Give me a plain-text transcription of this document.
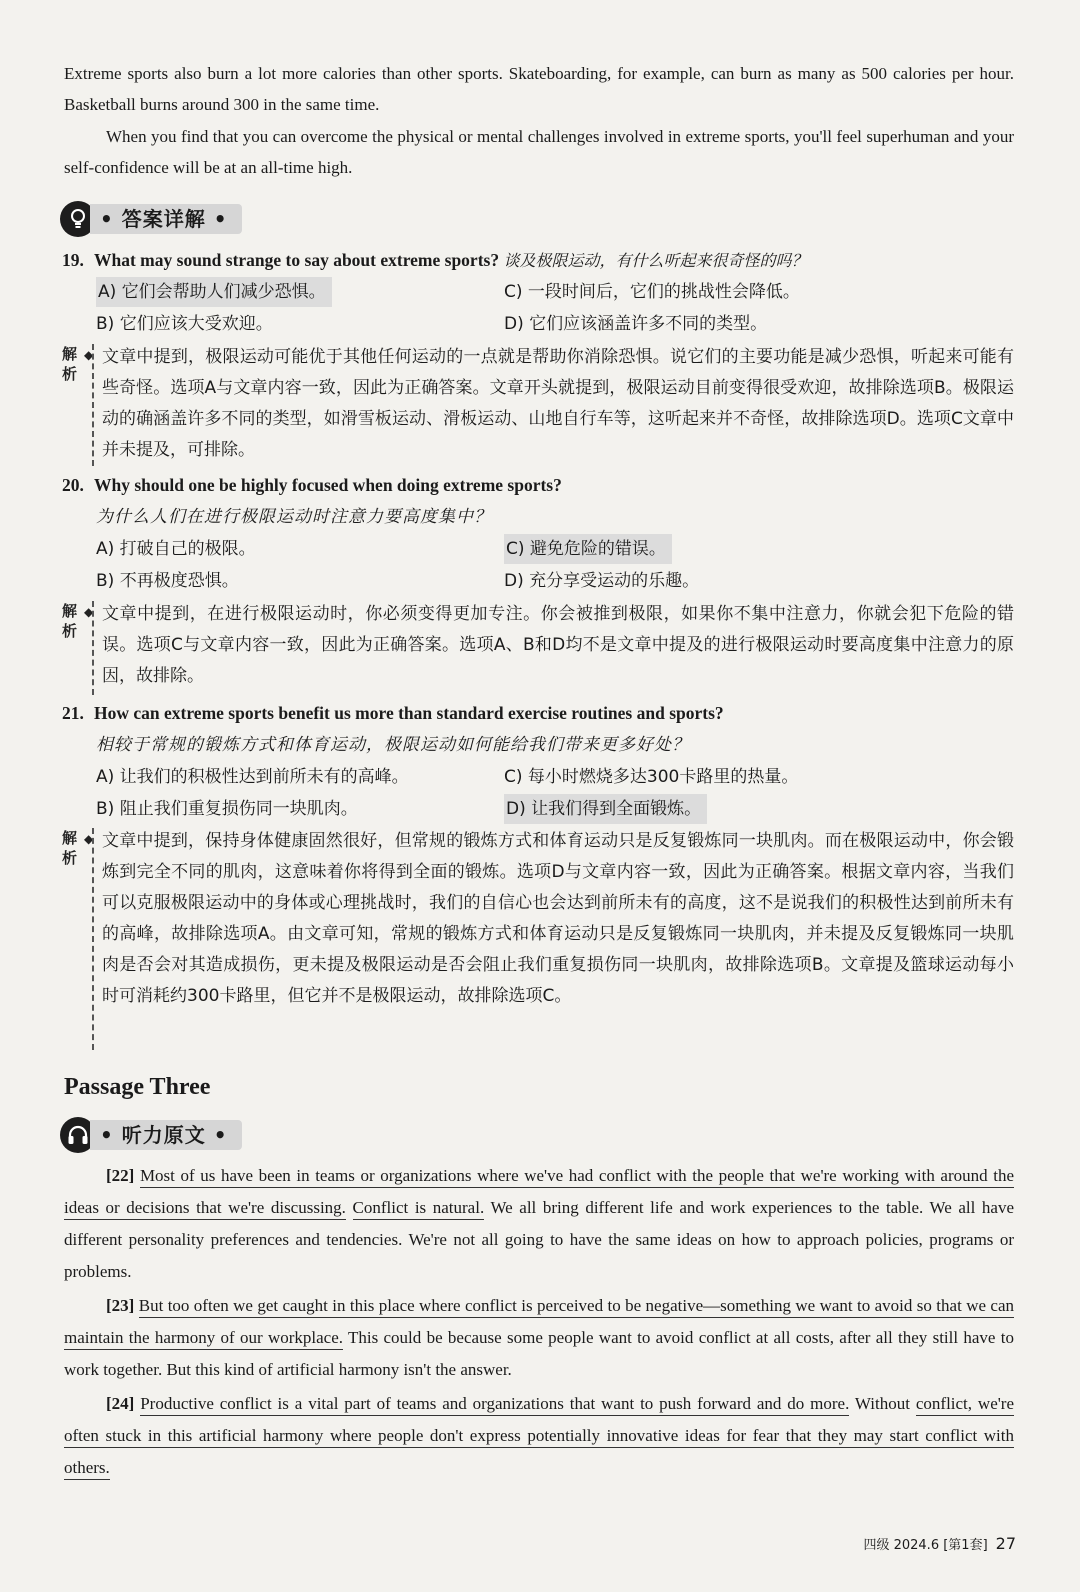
Extreme sports also burn a lot more calories than other sports. Skateboarding, for example, can burn as many as 500 calories per hour. Basketball burns around 300 in the same time.
When you find that you can overcome the physical or mental challenges involved in extreme sports, you'll feel superhuman and your self-confidence will be at an all-time high.
• 答案详解 •
19. What may sound strange to say about extreme sports? 谈及极限运动，有什么听起来很奇怪的吗？
A) 它们会帮助人们减少恐惧。	C) 一段时间后，它们的挑战性会降低。
B) 它们应该大受欢迎。	D) 它们应该涵盖许多不同的类型。
解
析
◆ 文章中提到，极限运动可能优于其他任何运动的一点就是帮助你消除恐惧。说它们的主要功能是减少恐惧，听起来可能有些奇怪。选项A与文章内容一致，因此为正确答案。文章开头就提到，极限运动目前变得很受欢迎，故排除选项B。极限运动的确涵盖许多不同的类型，如滑雪板运动、滑板运动、山地自行车等，这听起来并不奇怪，故排除选项D。选项C文章中并未提及，可排除。
20. Why should one be highly focused when doing extreme sports?
为什么人们在进行极限运动时注意力要高度集中？
A) 打破自己的极限。	C) 避免危险的错误。
B) 不再极度恐惧。	D) 充分享受运动的乐趣。
解
析
◆ 文章中提到，在进行极限运动时，你必须变得更加专注。你会被推到极限，如果你不集中注意力，你就会犯下危险的错误。选项C与文章内容一致，因此为正确答案。选项A、B和D均不是文章中提及的进行极限运动时要高度集中注意力的原因，故排除。
21. How can extreme sports benefit us more than standard exercise routines and sports?
相较于常规的锻炼方式和体育运动，极限运动如何能给我们带来更多好处？
A) 让我们的积极性达到前所未有的高峰。	C) 每小时燃烧多达300卡路里的热量。
B) 阻止我们重复损伤同一块肌肉。	D) 让我们得到全面锻炼。
解
析
◆ 文章中提到，保持身体健康固然很好，但常规的锻炼方式和体育运动只是反复锻炼同一块肌肉。而在极限运动中，你会锻炼到完全不同的肌肉，这意味着你将得到全面的锻炼。选项D与文章内容一致，因此为正确答案。根据文章内容，当我们可以克服极限运动中的身体或心理挑战时，我们的自信心也会达到前所未有的高度，这不是说我们的积极性达到前所未有的高峰，故排除选项A。由文章可知，常规的锻炼方式和体育运动只是反复锻炼同一块肌肉，并未提及反复锻炼同一块肌肉是否会对其造成损伤，更未提及极限运动是否会阻止我们重复损伤同一块肌肉，故排除选项B。文章提及篮球运动每小时可消耗约300卡路里，但它并不是极限运动，故排除选项C。
Passage Three
• 听力原文 •
[22] Most of us have been in teams or organizations where we've had conflict with the people that we're working with around the ideas or decisions that we're discussing. Conflict is natural. We all bring different life and work experiences to the table. We all have different personality preferences and tendencies. We're not all going to have the same ideas on how to approach policies, programs or problems.
[23] But too often we get caught in this place where conflict is perceived to be negative—something we want to avoid so that we can maintain the harmony of our workplace. This could be because some people want to avoid conflict at all costs, after all they still have to work together. But this kind of artificial harmony isn't the answer.
[24] Productive conflict is a vital part of teams and organizations that want to push forward and do more. Without conflict, we're often stuck in this artificial harmony where people don't express potentially innovative ideas for fear that they may start conflict with others.
四级 2024.6 [第1套] 27
